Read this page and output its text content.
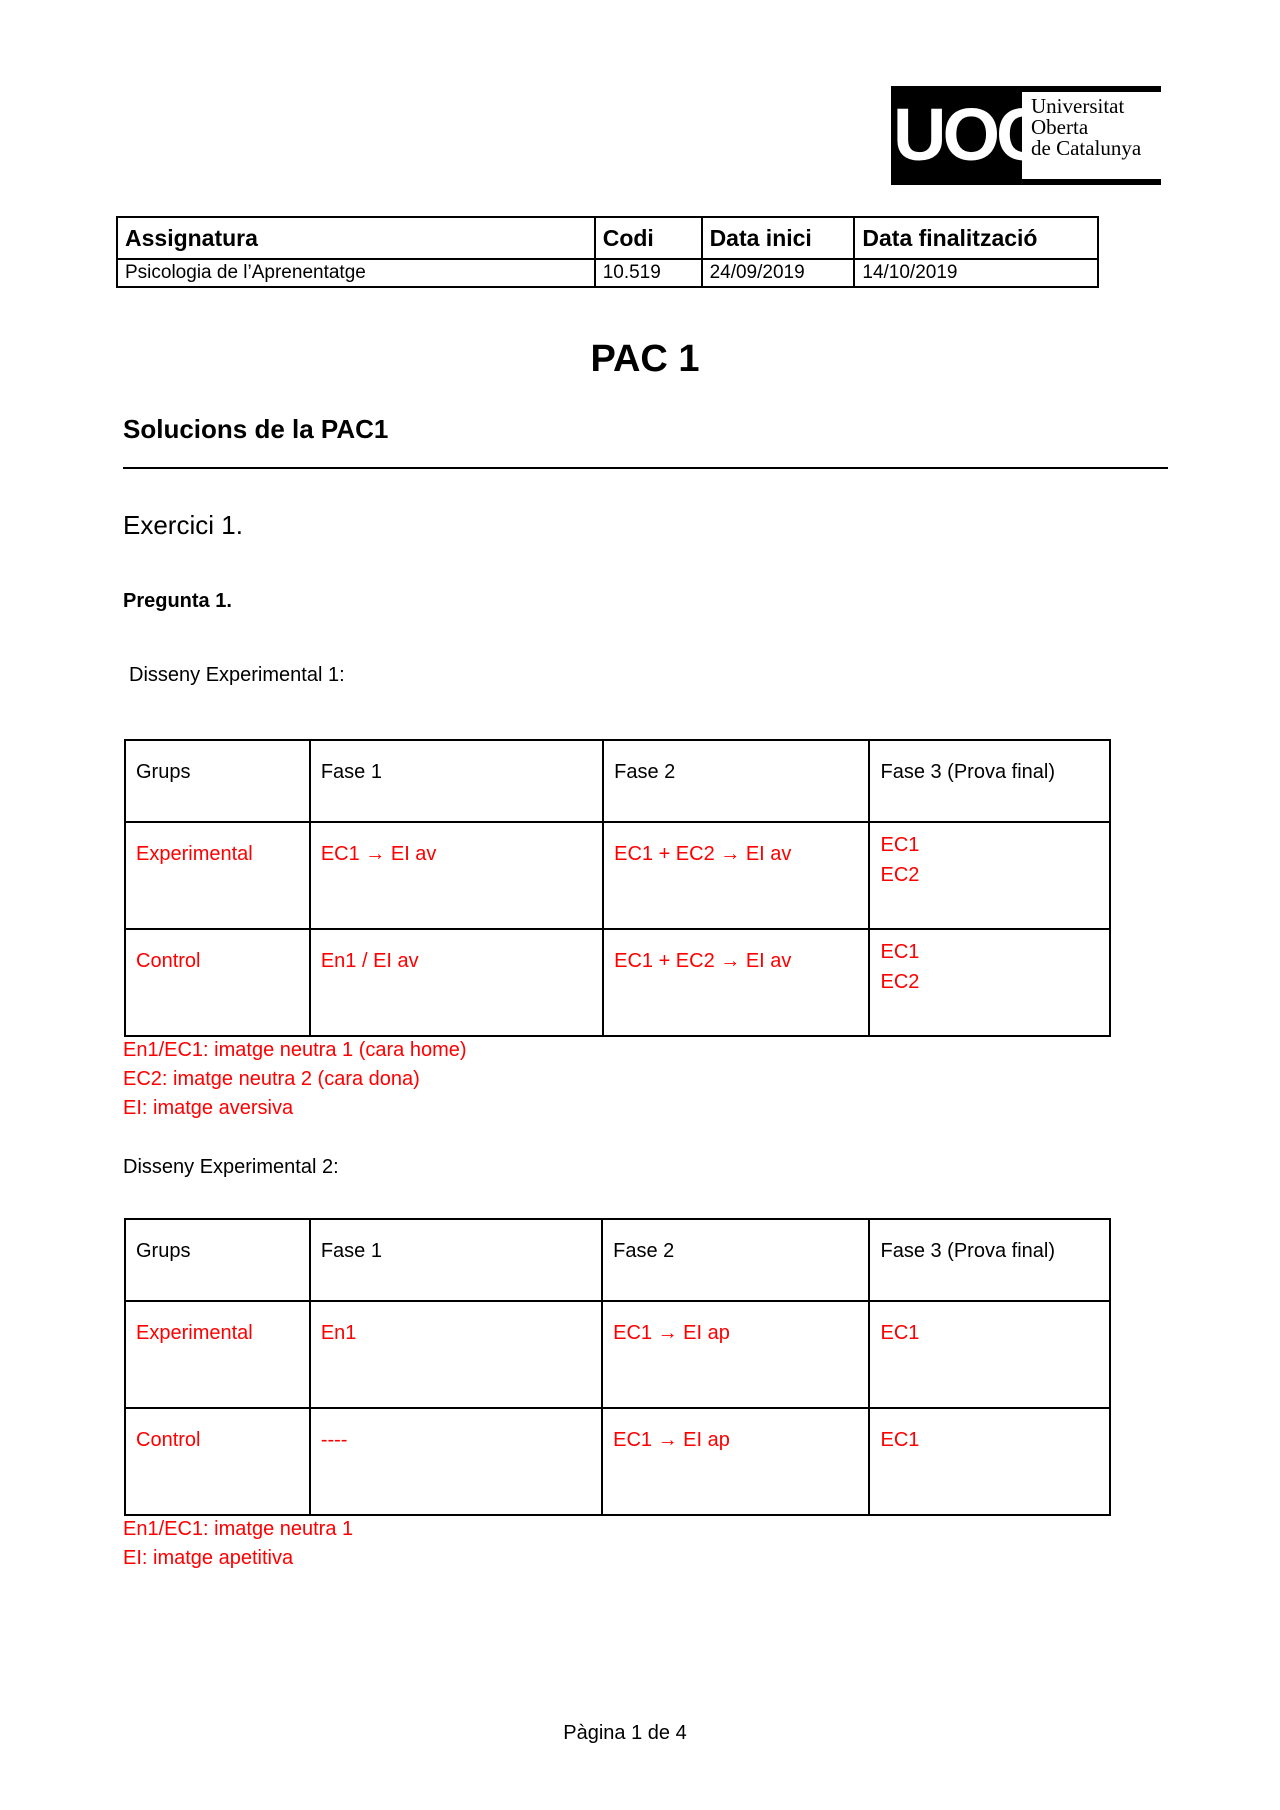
UOC
Universitat
Oberta
de Catalunya
Assignatura	Codi	Data inici	Data finalització
Psicologia de l’Aprenentatge	10.519	24/09/2019	14/10/2019
PAC 1
Solucions de la PAC1
Exercici 1.
Pregunta 1.
Disseny Experimental 1:
Grups	Fase 1	Fase 2	Fase 3 (Prova final)
Experimental	EC1 → EI av	EC1 + EC2 → EI av	EC1
EC2

Control	En1 / EI av	EC1 + EC2 → EI av	EC1
EC2
En1/EC1: imatge neutra 1 (cara home)
EC2: imatge neutra 2 (cara dona)
EI: imatge aversiva
Disseny Experimental 2:
Grups	Fase 1	Fase 2	Fase 3 (Prova final)
Experimental	En1	EC1 → EI ap	EC1
Control	----	EC1 → EI ap	EC1
En1/EC1: imatge neutra 1
EI: imatge apetitiva
Pàgina 1 de 4
